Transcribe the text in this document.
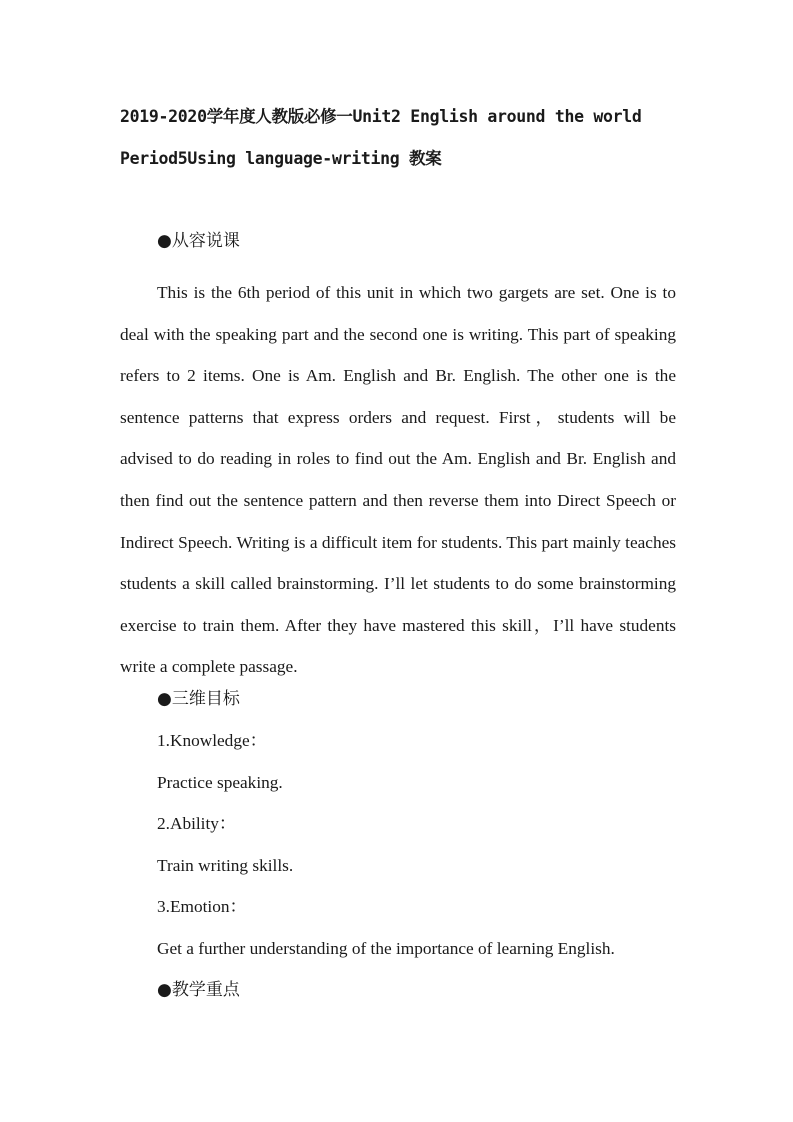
2019-2020学年度人教版必修一Unit2 English around the world
Period5Using language-writing 教案
●从容说课

This is the 6th period of this unit in which two gargets are set. One is to deal with the speaking part and the second one is writing. This part of speaking refers to 2 items. One is Am. English and Br. English. The other one is the sentence patterns that express orders and request. First，students will be advised to do reading in roles to find out the Am. English and Br. English and then find out the sentence pattern and then reverse them into Direct Speech or Indirect Speech. Writing is a difficult item for students. This part mainly teaches students a skill called brainstorming. I’ll let students to do some brainstorming exercise to train them. After they have mastered this skill，I’ll have students write a complete passage.

●三维目标
1.Knowledge：
Practice speaking.
2.Ability：
Train writing skills.
3.Emotion：
Get a further understanding of the importance of learning English.
●教学重点
